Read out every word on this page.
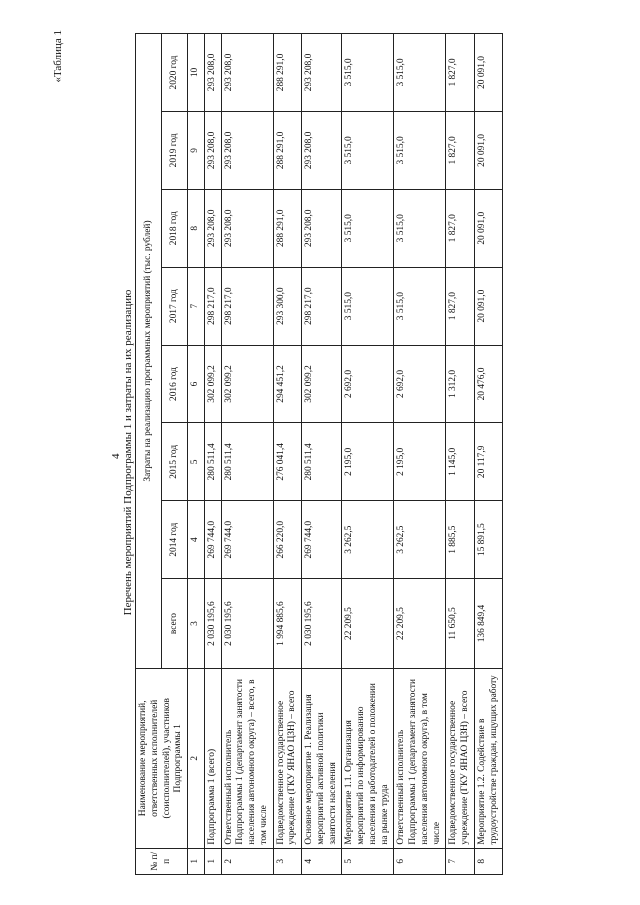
«Таблица 1
4 Перечень мероприятий Подпрограммы 1 и затраты на их реализацию
№ п/п	Наименование мероприятий, ответственных исполнителей (соисполнителей), участников Подпрограммы 1	Затраты на реализацию программных мероприятий (тыс. рублей)							
		всего	2014 год	2015 год	2016 год	2017 год	2018 год	2019 год	2020 год
1	2	3	4	5	6	7	8	9	10
1	Подпрограмма 1 (всего)	2 030 195,6	269 744,0	280 511,4	302 099,2	298 217,0	293 208,0	293 208,0	293 208,0
2	Ответственный исполнитель Подпрограммы 1 (департамент занятости населения автономного округа) – всего, в том числе	2 030 195,6	269 744,0	280 511,4	302 099,2	298 217,0	293 208,0	293 208,0	293 208,0
3	Подведомственное государственное учреждение (ГКУ ЯНАО ЦЗН) – всего	1 994 885,6	266 220,0	276 041,4	294 451,2	293 300,0	288 291,0	288 291,0	288 291,0
4	Основное мероприятие 1. Реализация мероприятий активной политики занятости населения	2 030 195,6	269 744,0	280 511,4	302 099,2	298 217,0	293 208,0	293 208,0	293 208,0
5	Мероприятие 1.1. Организация мероприятий по информированию населения и работодателей о положении на рынке труда	22 209,5	3 262,5	2 195,0	2 692,0	3 515,0	3 515,0	3 515,0	3 515,0
6	Ответственный исполнитель Подпрограммы 1 (департамент занятости населения автономного округа), в том числе	22 209,5	3 262,5	2 195,0	2 692,0	3 515,0	3 515,0	3 515,0	3 515,0
7	Подведомственное государственное учреждение (ГКУ ЯНАО ЦЗН) – всего	11 650,5	1 885,5	1 145,0	1 312,0	1 827,0	1 827,0	1 827,0	1 827,0
8	Мероприятие 1.2. Содействие в трудоустройстве граждан, ищущих работу	136 849,4	15 891,5	20 117,9	20 476,0	20 091,0	20 091,0	20 091,0	20 091,0
